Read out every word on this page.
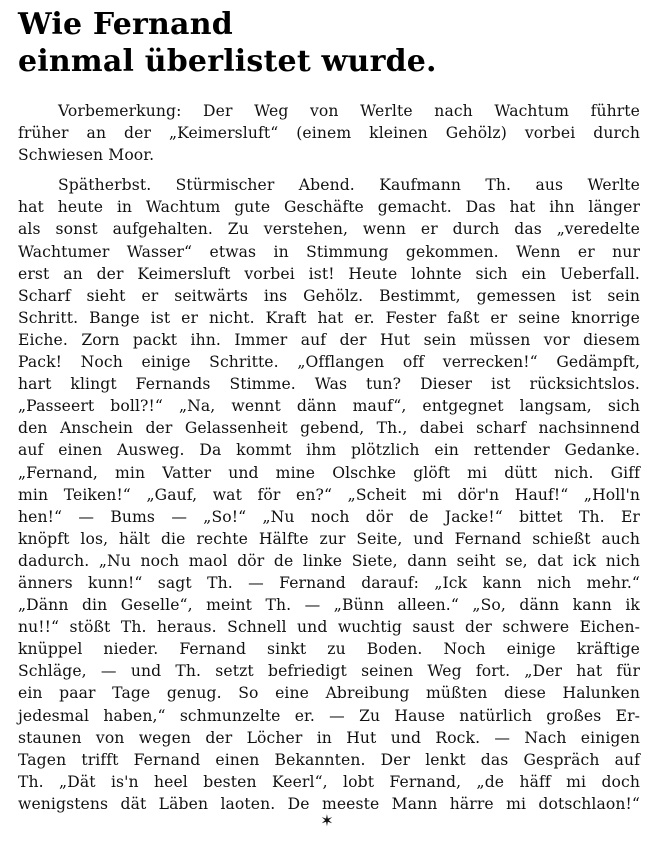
Wie Fernand
einmal überlistet wurde.
Vorbemerkung: Der Weg von Werlte nach Wachtum führte
früher an der „Keimersluft“ (einem kleinen Gehölz) vorbei durch
Schwiesen Moor.
Spätherbst. Stürmischer Abend. Kaufmann Th. aus Werlte
hat heute in Wachtum gute Geschäfte gemacht. Das hat ihn länger
als sonst aufgehalten. Zu verstehen, wenn er durch das „veredelte
Wachtumer Wasser“ etwas in Stimmung gekommen. Wenn er nur
erst an der Keimersluft vorbei ist! Heute lohnte sich ein Ueberfall.
Scharf sieht er seitwärts ins Gehölz. Bestimmt, gemessen ist sein
Schritt. Bange ist er nicht. Kraft hat er. Fester faßt er seine knorrige
Eiche. Zorn packt ihn. Immer auf der Hut sein müssen vor diesem
Pack! Noch einige Schritte. „Offlangen off verrecken!“ Gedämpft,
hart klingt Fernands Stimme. Was tun? Dieser ist rücksichtslos.
„Passeert boll?!“ „Na, wennt dänn mauf“, entgegnet langsam, sich
den Anschein der Gelassenheit gebend, Th., dabei scharf nachsinnend
auf einen Ausweg. Da kommt ihm plötzlich ein rettender Gedanke.
„Fernand, min Vatter und mine Olschke glöft mi dütt nich. Giff
min Teiken!“ „Gauf, wat för en?“ „Scheit mi dör'n Hauf!“ „Holl'n
hen!“ — Bums — „So!“ „Nu noch dör de Jacke!“ bittet Th. Er
knöpft los, hält die rechte Hälfte zur Seite, und Fernand schießt auch
dadurch. „Nu noch maol dör de linke Siete, dann seiht se, dat ick nich
änners kunn!“ sagt Th. — Fernand darauf: „Ick kann nich mehr.“
„Dänn din Geselle“, meint Th. — „Bünn alleen.“ „So, dänn kann ik
nu!!“ stößt Th. heraus. Schnell und wuchtig saust der schwere Eichen-
knüppel nieder. Fernand sinkt zu Boden. Noch einige kräftige
Schläge, — und Th. setzt befriedigt seinen Weg fort. „Der hat für
ein paar Tage genug. So eine Abreibung müßten diese Halunken
jedesmal haben,“ schmunzelte er. — Zu Hause natürlich großes Er-
staunen von wegen der Löcher in Hut und Rock. — Nach einigen
Tagen trifft Fernand einen Bekannten. Der lenkt das Gespräch auf
Th. „Dät is'n heel besten Keerl“, lobt Fernand, „de häff mi doch
wenigstens dät Läben laoten. De meeste Mann härre mi dotschlaon!“
✶
